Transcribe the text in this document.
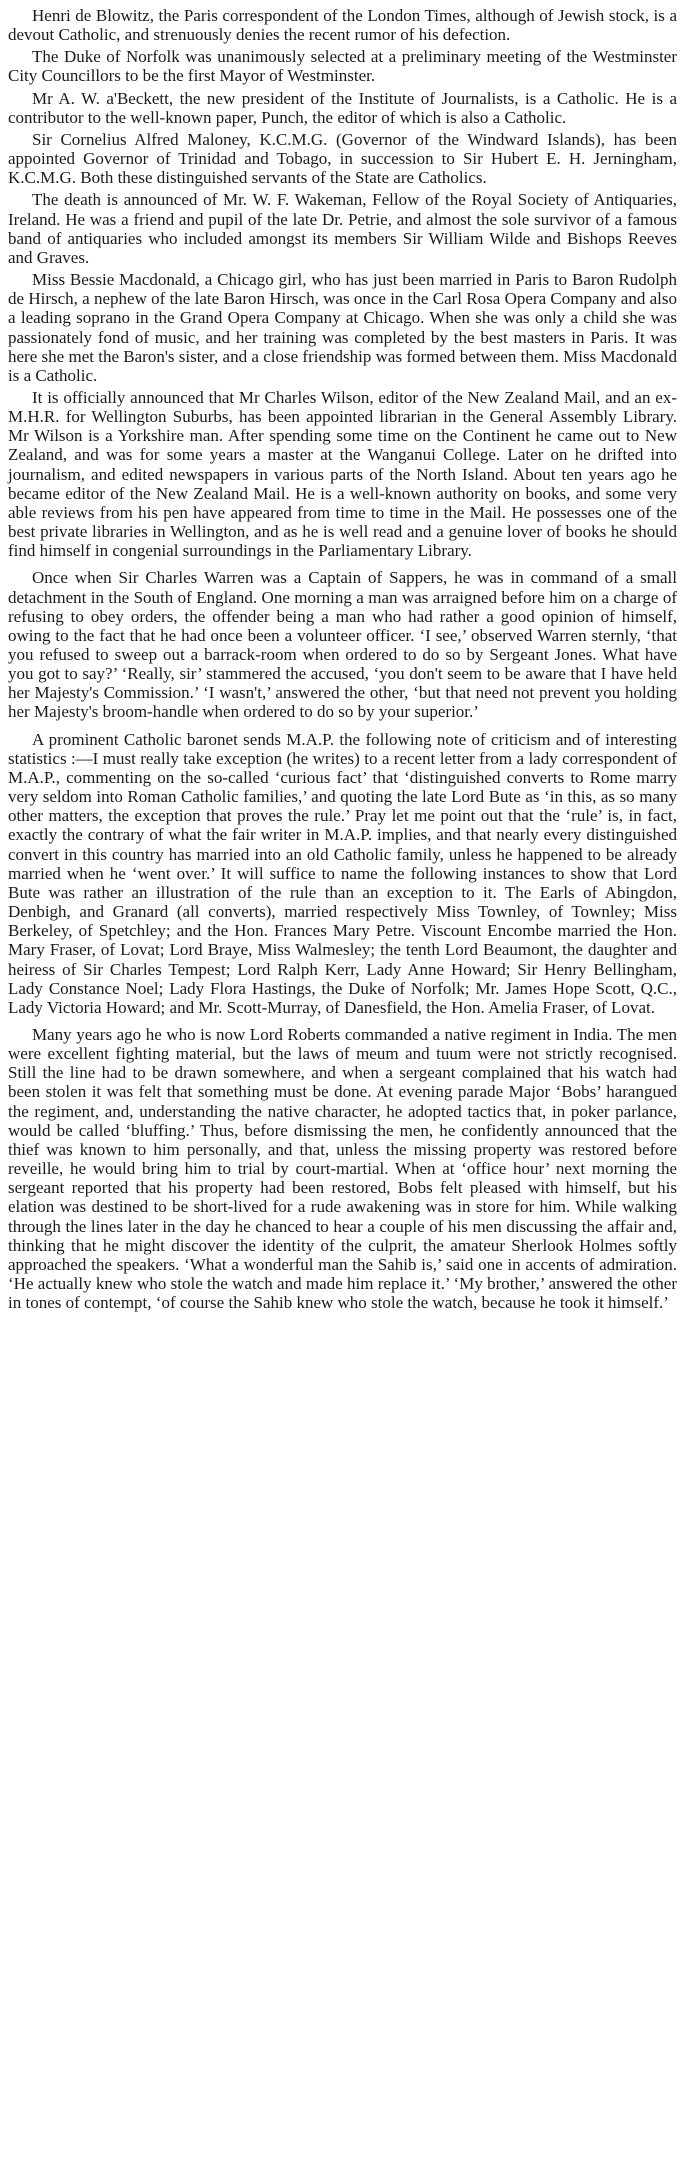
Henri de Blowitz, the Paris correspondent of the London Times, although of Jewish stock, is a devout Catholic, and strenuously denies the recent rumor of his defection.

The Duke of Norfolk was unanimously selected at a preliminary meeting of the Westminster City Councillors to be the first Mayor of Westminster.

Mr A. W. a'Beckett, the new president of the Institute of Journalists, is a Catholic. He is a contributor to the well-known paper, Punch, the editor of which is also a Catholic.

Sir Cornelius Alfred Maloney, K.C.M.G. (Governor of the Windward Islands), has been appointed Governor of Trinidad and Tobago, in succession to Sir Hubert E. H. Jerningham, K.C.M.G. Both these distinguished servants of the State are Catholics.

The death is announced of Mr. W. F. Wakeman, Fellow of the Royal Society of Antiquaries, Ireland. He was a friend and pupil of the late Dr. Petrie, and almost the sole survivor of a famous band of antiquaries who included amongst its members Sir William Wilde and Bishops Reeves and Graves.

Miss Bessie Macdonald, a Chicago girl, who has just been married in Paris to Baron Rudolph de Hirsch, a nephew of the late Baron Hirsch, was once in the Carl Rosa Opera Company and also a leading soprano in the Grand Opera Company at Chicago. When she was only a child she was passionately fond of music, and her training was completed by the best masters in Paris. It was here she met the Baron's sister, and a close friendship was formed between them. Miss Macdonald is a Catholic.

It is officially announced that Mr Charles Wilson, editor of the New Zealand Mail, and an ex-M.H.R. for Wellington Suburbs, has been appointed librarian in the General Assembly Library. Mr Wilson is a Yorkshire man. After spending some time on the Continent he came out to New Zealand, and was for some years a master at the Wanganui College. Later on he drifted into journalism, and edited newspapers in various parts of the North Island. About ten years ago he became editor of the New Zealand Mail. He is a well-known authority on books, and some very able reviews from his pen have appeared from time to time in the Mail. He possesses one of the best private libraries in Wellington, and as he is well read and a genuine lover of books he should find himself in congenial surroundings in the Parliamentary Library.

Once when Sir Charles Warren was a Captain of Sappers, he was in command of a small detachment in the South of England. One morning a man was arraigned before him on a charge of refusing to obey orders, the offender being a man who had rather a good opinion of himself, owing to the fact that he had once been a volunteer officer. ‘I see,’ observed Warren sternly, ‘that you refused to sweep out a barrack-room when ordered to do so by Sergeant Jones. What have you got to say?’ ‘Really, sir’ stammered the accused, ‘you don't seem to be aware that I have held her Majesty's Commission.’ ‘I wasn't,’ answered the other, ‘but that need not prevent you holding her Majesty's broom-handle when ordered to do so by your superior.’

A prominent Catholic baronet sends M.A.P. the following note of criticism and of interesting statistics :—I must really take exception (he writes) to a recent letter from a lady correspondent of M.A.P., commenting on the so-called ‘curious fact’ that ‘distinguished converts to Rome marry very seldom into Roman Catholic families,’ and quoting the late Lord Bute as ‘in this, as so many other matters, the exception that proves the rule.’ Pray let me point out that the ‘rule’ is, in fact, exactly the contrary of what the fair writer in M.A.P. implies, and that nearly every distinguished convert in this country has married into an old Catholic family, unless he happened to be already married when he ‘went over.’ It will suffice to name the following instances to show that Lord Bute was rather an illustration of the rule than an exception to it. The Earls of Abingdon, Denbigh, and Granard (all converts), married respectively Miss Townley, of Townley; Miss Berkeley, of Spetchley; and the Hon. Frances Mary Petre. Viscount Encombe married the Hon. Mary Fraser, of Lovat; Lord Braye, Miss Walmesley; the tenth Lord Beaumont, the daughter and heiress of Sir Charles Tempest; Lord Ralph Kerr, Lady Anne Howard; Sir Henry Bellingham, Lady Constance Noel; Lady Flora Hastings, the Duke of Norfolk; Mr. James Hope Scott, Q.C., Lady Victoria Howard; and Mr. Scott-Murray, of Danesfield, the Hon. Amelia Fraser, of Lovat.

Many years ago he who is now Lord Roberts commanded a native regiment in India. The men were excellent fighting material, but the laws of meum and tuum were not strictly recognised. Still the line had to be drawn somewhere, and when a sergeant complained that his watch had been stolen it was felt that something must be done. At evening parade Major ‘Bobs’ harangued the regiment, and, understanding the native character, he adopted tactics that, in poker parlance, would be called ‘bluffing.’ Thus, before dismissing the men, he confidently announced that the thief was known to him personally, and that, unless the missing property was restored before reveille, he would bring him to trial by court-martial. When at ‘office hour’ next morning the sergeant reported that his property had been restored, Bobs felt pleased with himself, but his elation was destined to be short-lived for a rude awakening was in store for him. While walking through the lines later in the day he chanced to hear a couple of his men discussing the affair and, thinking that he might discover the identity of the culprit, the amateur Sherlook Holmes softly approached the speakers. ‘What a wonderful man the Sahib is,’ said one in accents of admiration. ‘He actually knew who stole the watch and made him replace it.’ ‘My brother,’ answered the other in tones of contempt, ‘of course the Sahib knew who stole the watch, because he took it himself.’
